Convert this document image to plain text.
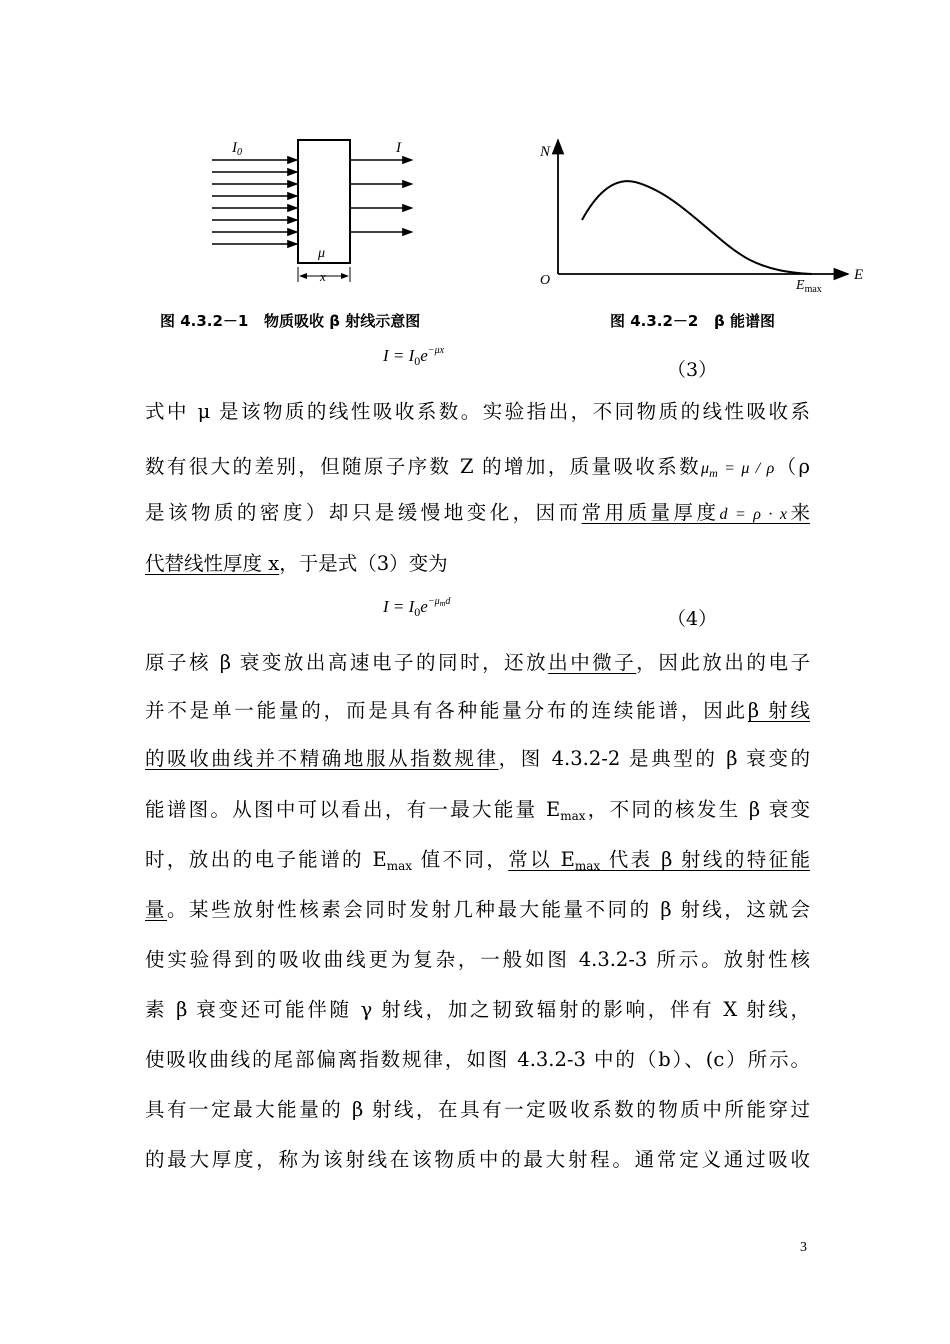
$I_0$	I
μ
x
图 4.3.2－1   物质吸收 β 射线示意图
N
E
O	$E_{max}$
图 4.3.2－2   β 能谱图
$I = I_0e^{-\mu x}$
（3）
式中 μ 是该物质的线性吸收系数。实验指出，不同物质的线性吸收系
数有很大的差别，但随原子序数 Z 的增加，质量吸收系数$\mu_m = \mu / \rho(\rho$
是该物质的密度）却只是缓慢地变化，因而常用质量厚度d = ρ · x来
代替线性厚度 x，于是式（3）变为
$I = I_0e^{-\mu_md}$
（4）
原子核 β 衰变放出高速电子的同时，还放出中微子，因此放出的电子
并不是单一能量的，而是具有各种能量分布的连续能谱，因此β 射线
的吸收曲线并不精确地服从指数规律，图 4.3.2-2 是典型的 β 衰变的
能谱图。从图中可以看出，有一最大能量 $E_{max}$，不同的核发生 β 衰变
时，放出的电子能谱的 $E_{max}$ 值不同，常以 $E_{max}$ 代表 β 射线的特征能
量。某些放射性核素会同时发射几种最大能量不同的 β 射线，这就会
使实验得到的吸收曲线更为复杂，一般如图 4.3.2-3 所示。放射性核
素 β 衰变还可能伴随 γ 射线，加之韧致辐射的影响，伴有 X 射线，
使吸收曲线的尾部偏离指数规律，如图 4.3.2-3 中的（b）、(c）所示。
具有一定最大能量的 β 射线，在具有一定吸收系数的物质中所能穿过
的最大厚度，称为该射线在该物质中的最大射程。通常定义通过吸收
3
